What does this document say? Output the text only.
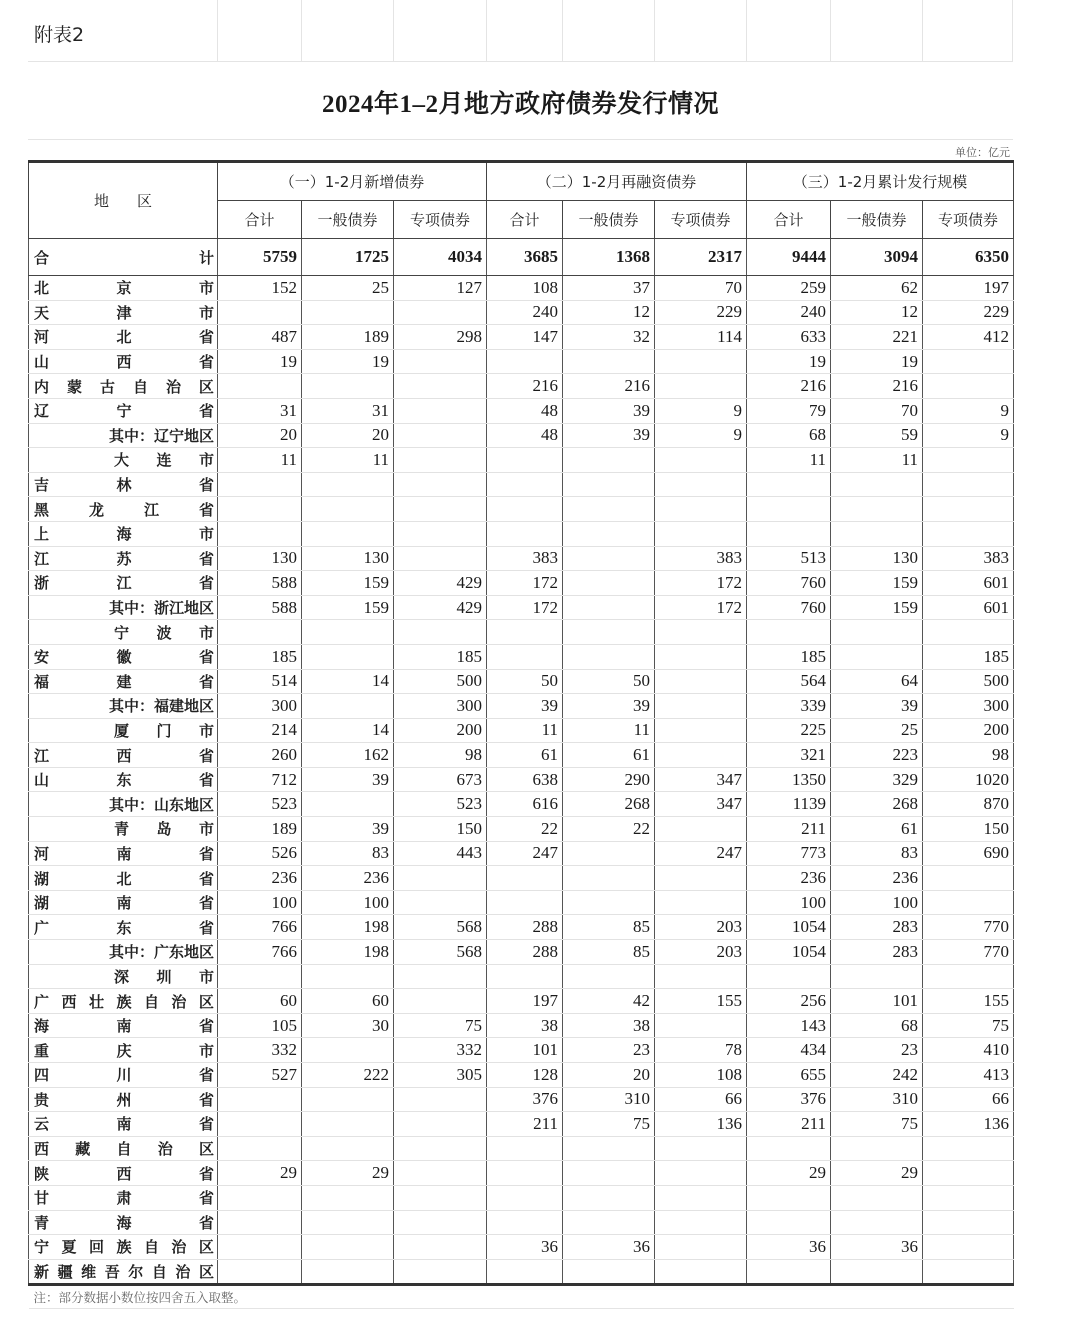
附表2
2024年1–2月地方政府债券发行情况
单位：亿元
地区	（一）1-2月新增债券			（二）1-2月再融资债券			（三）1-2月累计发行规模		
	合计	一般债券	专项债券	合计	一般债券	专项债券	合计	一般债券	专项债券

合 计	5759	1725	4034	3685	1368	2317	9444	3094	6350

北 京 市	152	25	127	108	37	70	259	62	197

天 津 市				240	12	229	240	12	229

河 北 省	487	189	298	147	32	114	633	221	412

山 西 省	19	19					19	19	

内 蒙 古 自 治 区				216	216		216	216	

辽 宁 省	31	31		48	39	9	79	70	9

其中：辽宁地区	20	20		48	39	9	68	59	9

大 连 市	11	11					11	11	

吉 林 省									

黑 龙 江 省									

上 海 市									

江 苏 省	130	130		383		383	513	130	383

浙 江 省	588	159	429	172		172	760	159	601

其中：浙江地区	588	159	429	172		172	760	159	601

宁 波 市									

安 徽 省	185		185				185		185

福 建 省	514	14	500	50	50		564	64	500

其中：福建地区	300		300	39	39		339	39	300

厦 门 市	214	14	200	11	11		225	25	200

江 西 省	260	162	98	61	61		321	223	98

山 东 省	712	39	673	638	290	347	1350	329	1020

其中：山东地区	523		523	616	268	347	1139	268	870

青 岛 市	189	39	150	22	22		211	61	150

河 南 省	526	83	443	247		247	773	83	690

湖 北 省	236	236					236	236	

湖 南 省	100	100					100	100	

广 东 省	766	198	568	288	85	203	1054	283	770

其中：广东地区	766	198	568	288	85	203	1054	283	770

深 圳 市									

广 西 壮 族 自 治 区	60	60		197	42	155	256	101	155

海 南 省	105	30	75	38	38		143	68	75

重 庆 市	332		332	101	23	78	434	23	410

四 川 省	527	222	305	128	20	108	655	242	413

贵 州 省				376	310	66	376	310	66

云 南 省				211	75	136	211	75	136

西 藏 自 治 区									

陕 西 省	29	29					29	29	

甘 肃 省									

青 海 省									

宁 夏 回 族 自 治 区				36	36		36	36	

新 疆 维 吾 尔 自 治 区

注：部分数据小数位按四舍五入取整。									
